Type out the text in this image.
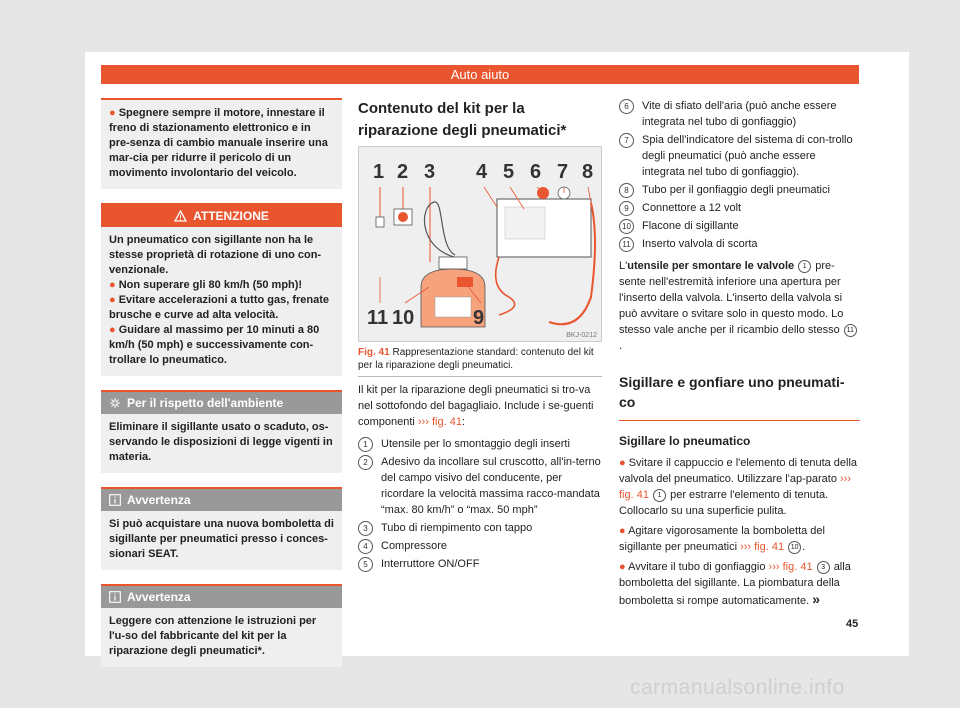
Auto aiuto
● Spegnere sempre il motore, innestare il freno di stazionamento elettronico e in pre-senza di cambio manuale inserire una mar-cia per ridurre il pericolo di un movimento involontario del veicolo.
ATTENZIONE

Un pneumatico con sigillante non ha le stesse proprietà di rotazione di uno con-venzionale.

● Non superare gli 80 km/h (50 mph)!

● Evitare accelerazioni a tutto gas, frenate brusche e curve ad alta velocità.

● Guidare al massimo per 10 minuti a 80 km/h (50 mph) e successivamente con-trollare lo pneumatico.

Per il rispetto dell'ambiente
Eliminare il sigillante usato o scaduto, os-servando le disposizioni di legge vigenti in materia.
Avvertenza
Si può acquistare una nuova bomboletta di sigillante per pneumatici presso i conces-sionari SEAT.
Avvertenza
Leggere con attenzione le istruzioni per l'u-so del fabbricante del kit per la riparazione degli pneumatici*.
Contenuto del kit per la riparazione degli pneumatici*
1 2 3 4 5 6 7 8
11 10	9
BKJ-0212
Fig. 41 Rappresentazione standard: contenuto del kit per la riparazione degli pneumatici.

Il kit per la riparazione degli pneumatici si tro-va nel sottofondo del bagagliaio. Include i se-guenti componenti ››› fig. 41:

1	Utensile per lo smontaggio degli inserti
2	Adesivo da incollare sul cruscotto, all'in-terno del campo visivo del conducente, per ricordare la velocità massima racco-mandata “max. 80 km/h” o “max. 50 mph”
3	Tubo di riempimento con tappo
4	Compressore
5	Interruttore ON/OFF
6	Vite di sfiato dell'aria (può anche essere integrata nel tubo di gonfiaggio)
7	Spia dell'indicatore del sistema di con-trollo degli pneumatici (può anche essere integrata nel tubo di gonfiaggio).
8	Tubo per il gonfiaggio degli pneumatici
9	Connettore a 12 volt
10 Flacone di sigillante
11	Inserto valvola di scorta

L'utensile per smontare le valvole 1 pre-sente nell'estremità inferiore una apertura per l'inserto della valvola. L'inserto della valvola si può avvitare o svitare solo in questo modo. Lo stesso vale anche per il ricambio dello stesso 11.

Sigillare e gonfiare uno pneumati-co
Sigillare lo pneumatico

● Svitare il cappuccio e l'elemento di tenuta della valvola del pneumatico. Utilizzare l'ap-parato ››› fig. 41 1 per estrarre l'elemento di tenuta. Collocarlo su una superficie pulita.

● Agitare vigorosamente la bomboletta del sigillante per pneumatici ››› fig. 41 10 .

● Avvitare il tubo di gonfiaggio ››› fig. 41 3 alla bomboletta del sigillante. La piombatura della bomboletta si rompe automaticamente. »

45
carmanualsonline.info
